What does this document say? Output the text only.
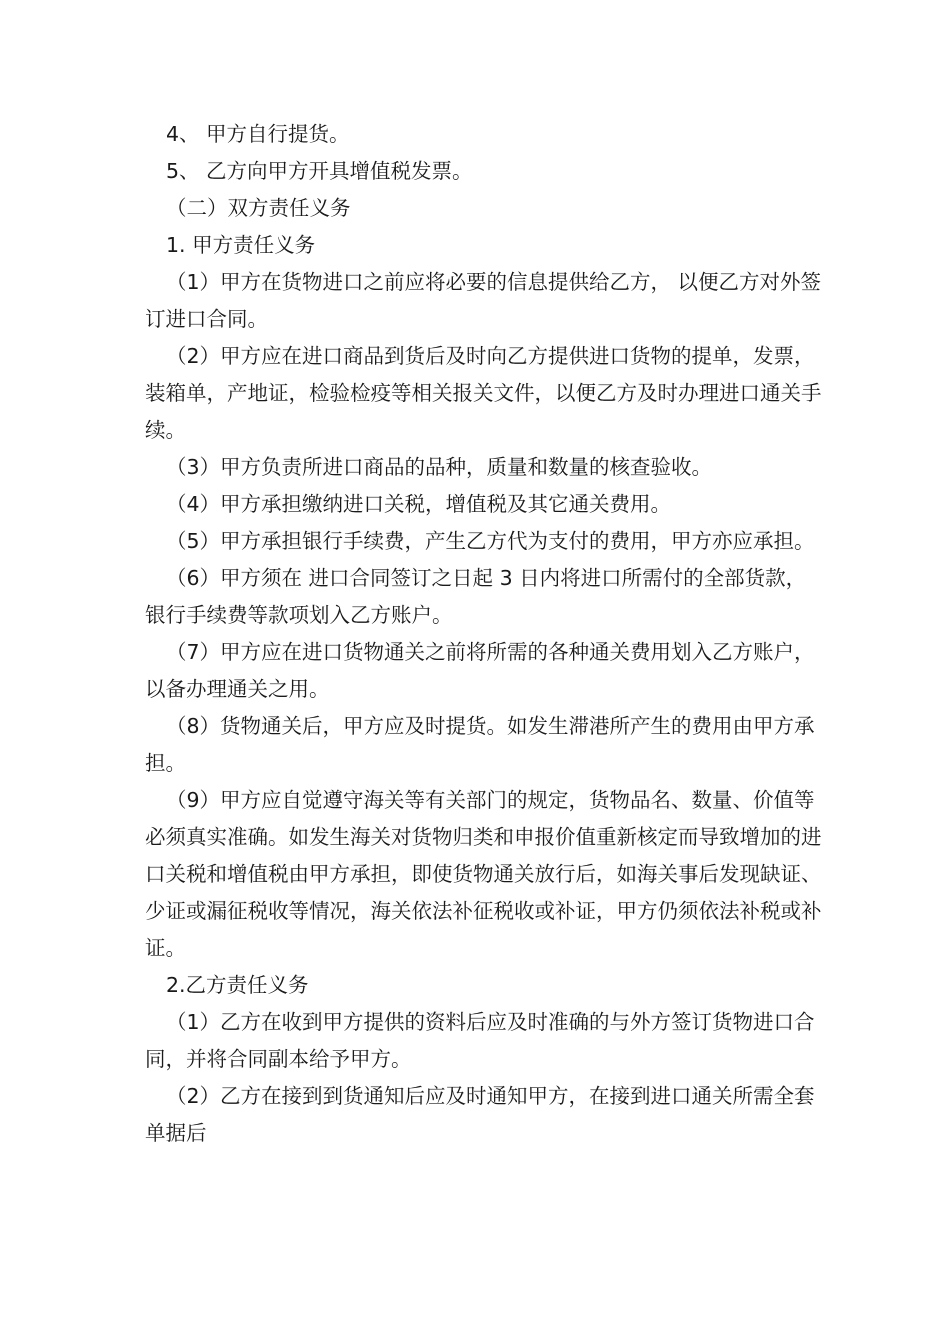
4、 甲方自行提货。

5、 乙方向甲方开具增值税发票。

（二）双方责任义务

1. 甲方责任义务

（1）甲方在货物进口之前应将必要的信息提供给乙方， 以便乙方对外签订进口合同。

（2）甲方应在进口商品到货后及时向乙方提供进口货物的提单，发票，装箱单，产地证，检验检疫等相关报关文件，以便乙方及时办理进口通关手续。

（3）甲方负责所进口商品的品种，质量和数量的核查验收。

（4）甲方承担缴纳进口关税，增值税及其它通关费用。

（5）甲方承担银行手续费，产生乙方代为支付的费用，甲方亦应承担。

（6）甲方须在 进口合同签订之日起 3 日内将进口所需付的全部货款，银行手续费等款项划入乙方账户。

（7）甲方应在进口货物通关之前将所需的各种通关费用划入乙方账户，以备办理通关之用。

（8）货物通关后，甲方应及时提货。如发生滞港所产生的费用由甲方承担。

（9）甲方应自觉遵守海关等有关部门的规定，货物品名、数量、价值等必须真实准确。如发生海关对货物归类和申报价值重新核定而导致增加的进口关税和增值税由甲方承担，即使货物通关放行后，如海关事后发现缺证、少证或漏征税收等情况，海关依法补征税收或补证，甲方仍须依法补税或补证。

2.乙方责任义务

（1）乙方在收到甲方提供的资料后应及时准确的与外方签订货物进口合同，并将合同副本给予甲方。

（2）乙方在接到到货通知后应及时通知甲方，在接到进口通关所需全套单据后
